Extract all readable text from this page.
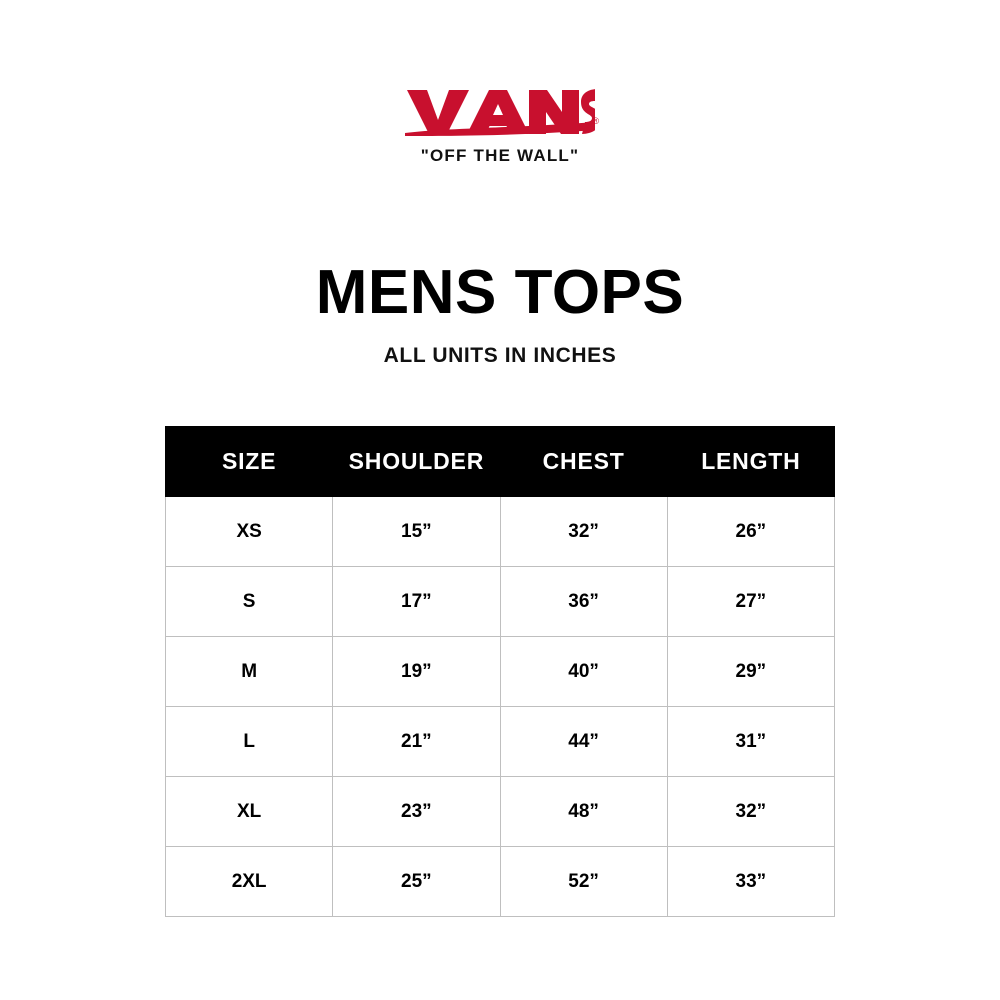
®
"OFF THE WALL"
MENS TOPS
ALL UNITS IN INCHES
SIZE	SHOULDER	CHEST	LENGTH
XS	15”	32”	26”
S	17”	36”	27”
M	19”	40”	29”
L	21”	44”	31”
XL	23”	48”	32”
2XL	25”	52”	33”
